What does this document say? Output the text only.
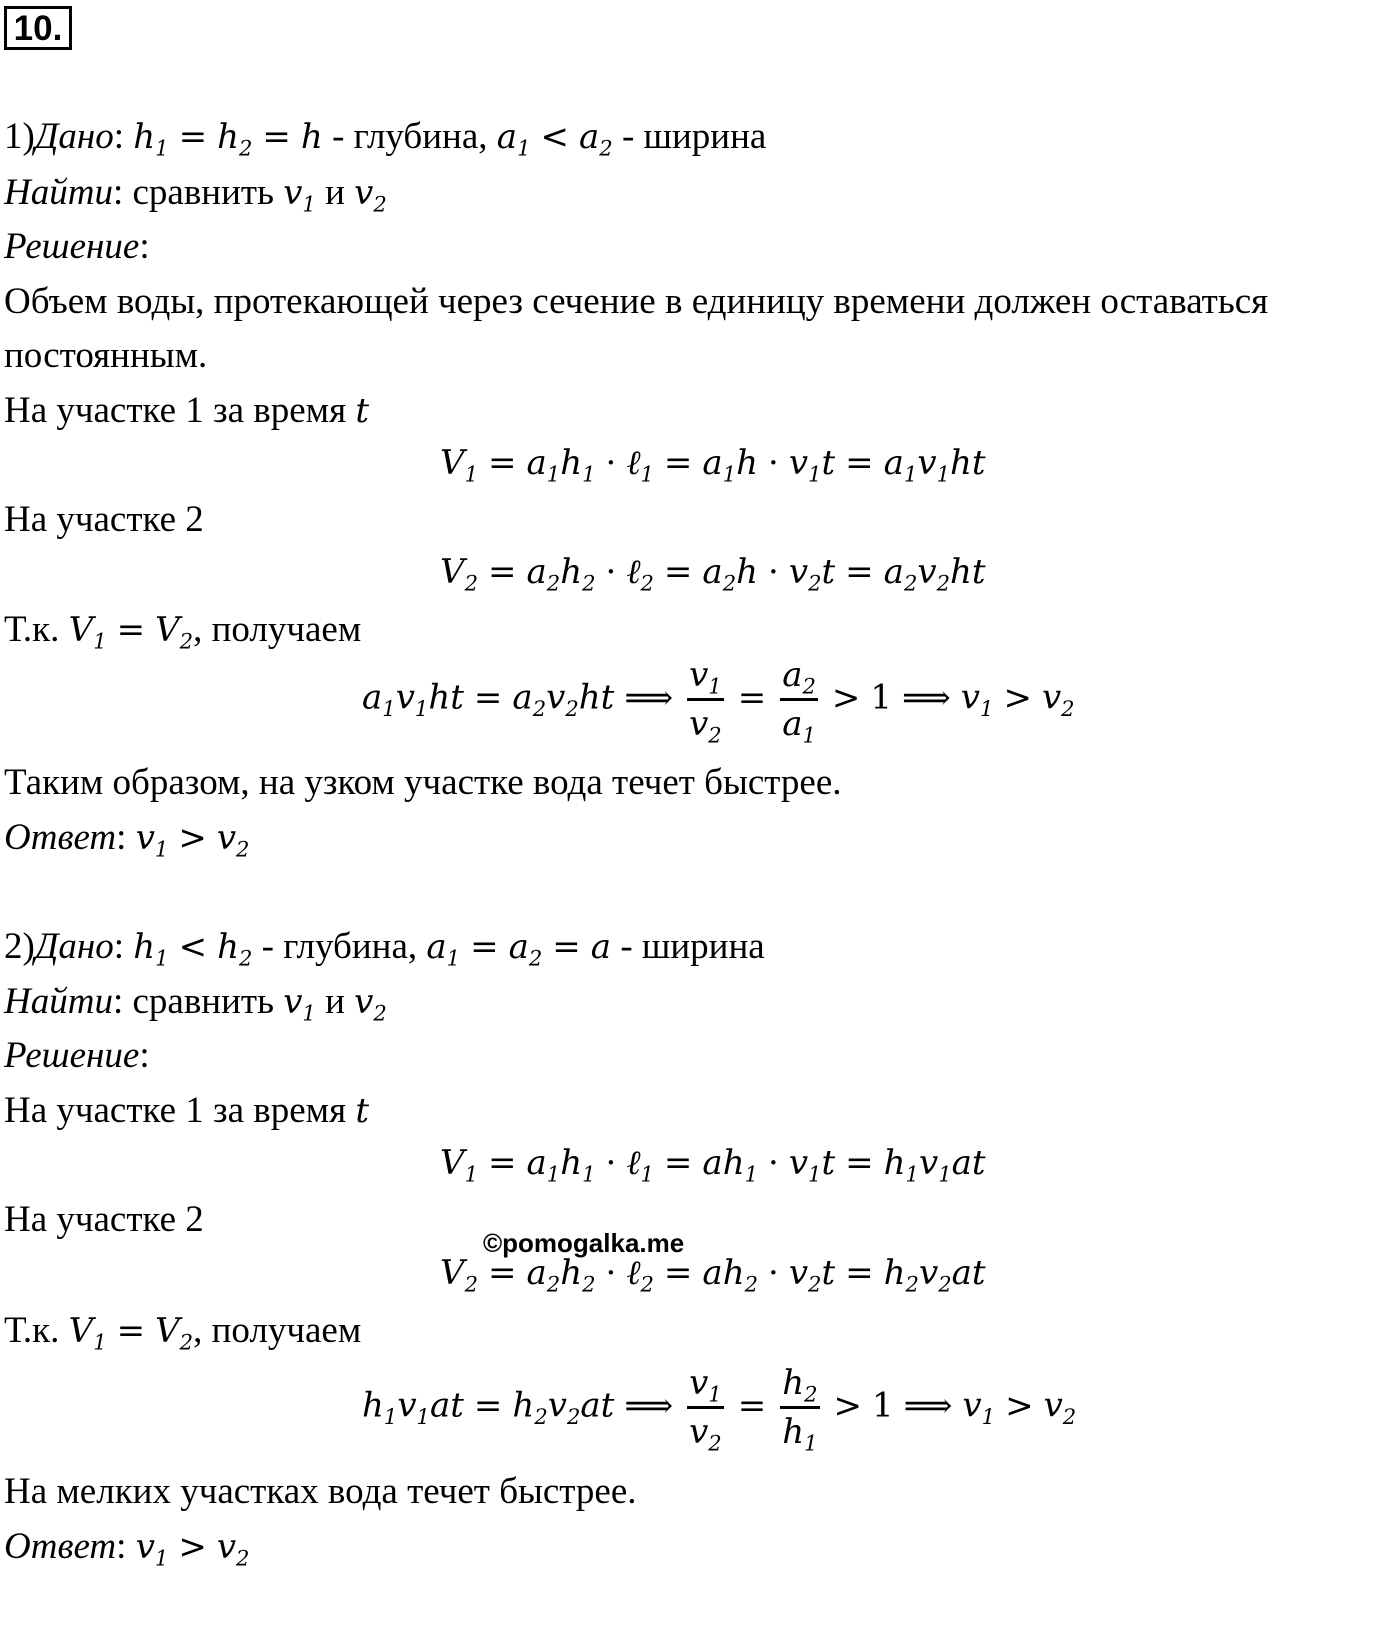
10.
1)Дано: $h_1 = h_2 = h$ - глубина, $a_1 < a_2$ - ширина
Найти: сравнить $v_1$ и $v_2$
Решение:
Объем воды, протекающей через сечение в единицу времени должен оставаться
постоянным.
На участке 1 за время t
$V_1 = a_1h_1$ · ℓ$_1$ = $a_1h \cdot v_1t = a_1v_1ht$
На участке 2
$V_2 = a_2h_2$ · ℓ$_2$ = $a_2h \cdot v_2t = a_2v_2ht$
Т.к. $V_1 = V_2$, получаем
$a_1v_1ht = a_2v_2ht$ ⟹ $\frac{v_1}{v_2} = \frac{a_2}{a_1} > 1$ ⟹ $v_1 > v_2$
Таким образом, на узком участке вода течет быстрее.
Ответ: $v_1 > v_2$
2)Дано: $h_1 < h_2$ - глубина, $a_1 = a_2 = a$ - ширина
Найти: сравнить $v_1$ и $v_2$
Решение:
На участке 1 за время t
$V_1 = a_1h_1$ · ℓ$_1$ = $ah_1 \cdot v_1t = h_1v_1at$
На участке 2
©pomogalka.me
$V_2 = a_2h_2$ · ℓ$_2$ = $ah_2 \cdot v_2t = h_2v_2at$
Т.к. $V_1 = V_2$, получаем
$h_1v_1at = h_2v_2at$ ⟹ $\frac{v_1}{v_2} = \frac{h_2}{h_1} > 1$ ⟹ $v_1 > v_2$
На мелких участках вода течет быстрее.
Ответ: $v_1 > v_2$
